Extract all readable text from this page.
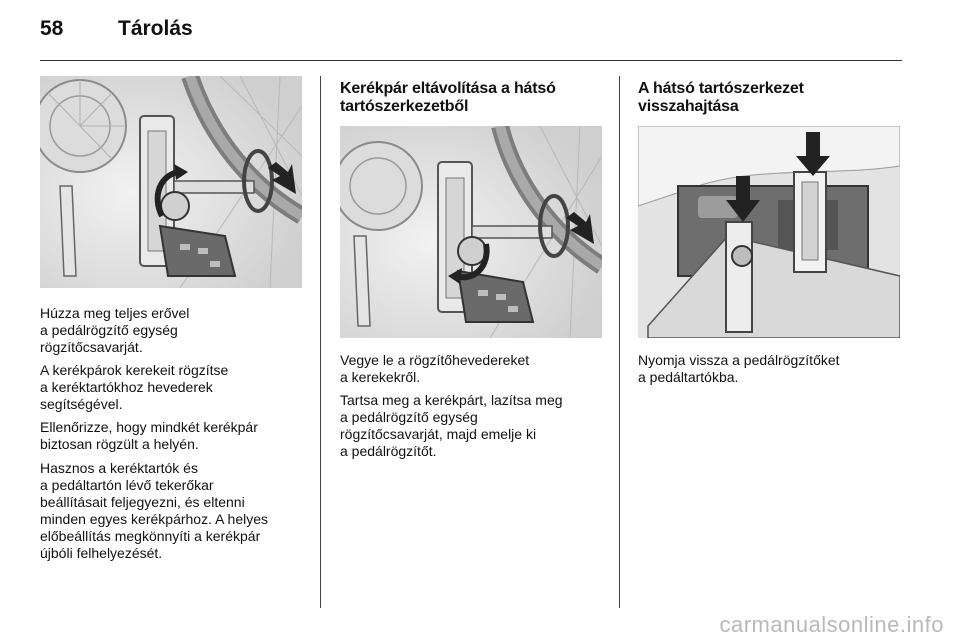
58	Tárolás
Húzza meg teljes erővel
a pedálrögzítő egység
rögzítőcsavarját.
A kerékpárok kerekeit rögzítse
a keréktartókhoz hevederek
segítségével.
Ellenőrizze, hogy mindkét kerékpár
biztosan rögzült a helyén.
Hasznos a keréktartók és
a pedáltartón lévő tekerőkar
beállításait feljegyezni, és eltenni
minden egyes kerékpárhoz. A helyes
előbeállítás megkönnyíti a kerékpár
újbóli felhelyezését.
Kerékpár eltávolítása a hátsó
tartószerkezetből
Vegye le a rögzítőhevedereket
a kerekekről.
Tartsa meg a kerékpárt, lazítsa meg
a pedálrögzítő egység
rögzítőcsavarját, majd emelje ki
a pedálrögzítőt.
A hátsó tartószerkezet
visszahajtása
Nyomja vissza a pedálrögzítőket
a pedáltartókba.
carmanualsonline.info
